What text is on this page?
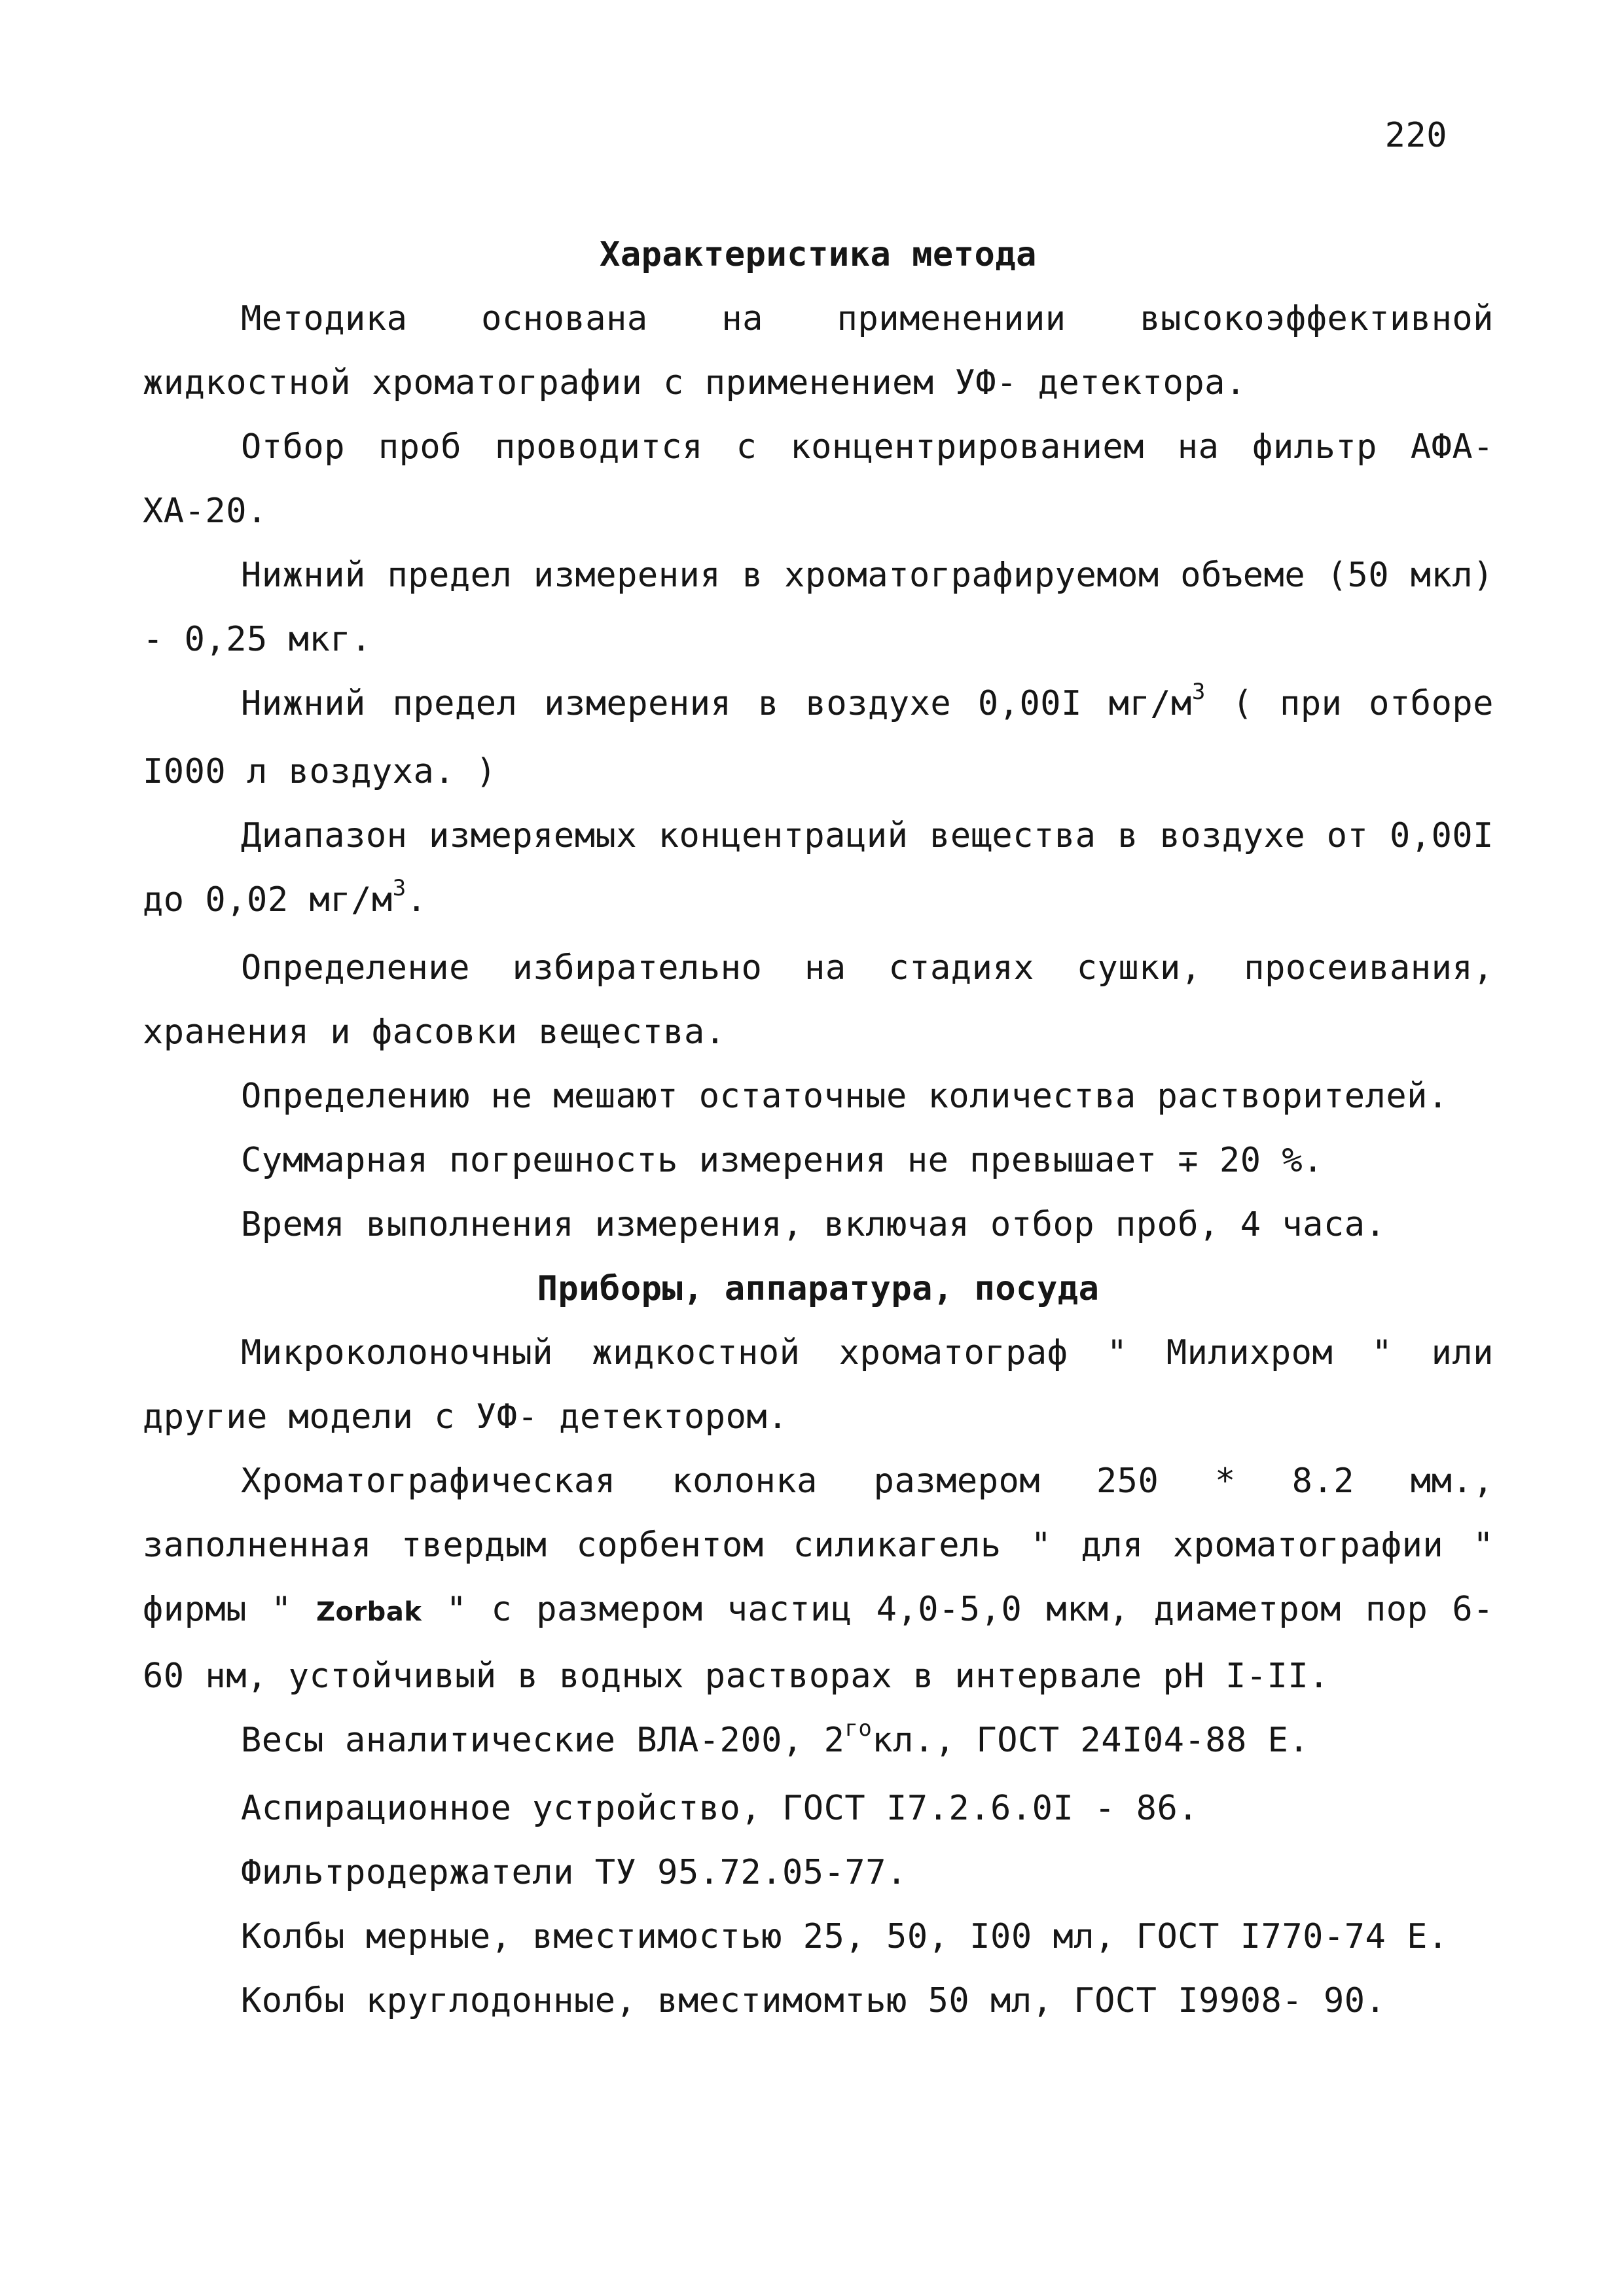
220
Характеристика метода
Методика основана на применениии высокоэффективной жидкостной хроматографии с применением УФ- детектора.
Отбор проб проводится с концентрированием на фильтр АФА-ХА-20.
Нижний предел измерения в хроматографируемом объеме (50 мкл) - 0,25 мкг.
Нижний предел измерения в воздухе 0,00I $мг/м^3$ ( при отборе I000 л воздуха. )
Диапазон измеряемых концентраций вещества в воздухе от 0,00I до 0,02 $мг/м^3$.
Определение избирательно на стадиях сушки, просеивания, хранения и фасовки вещества.
Определению не мешают остаточные количества растворителей.
Суммарная погрешность измерения не превышает ∓ 20 %.
Время выполнения измерения, включая отбор проб, 4 часа.
Приборы, аппаратура, посуда
Микроколоночный жидкостной хроматограф " Милихром " или другие модели с УФ- детектором.
Хроматографическая колонка размером 250 * 8.2 мм., заполненная твердым сорбентом силикагель " для хроматографии " фирмы " Zorbak " с размером частиц 4,0-5,0 мкм, диаметром пор 6-60 нм, устойчивый в водных растворах в интервале рН I-II.
Весы аналитические ВЛА-200, $2^{го}кл$., ГОСТ 24I04-88 Е.
Аспирационное устройство, ГОСТ I7.2.6.0I - 86.
Фильтродержатели ТУ 95.72.05-77.
Колбы мерные, вместимостью 25, 50, I00 мл, ГОСТ I770-74 Е.
Колбы круглодонные, вместимомтью 50 мл, ГОСТ I9908- 90.
